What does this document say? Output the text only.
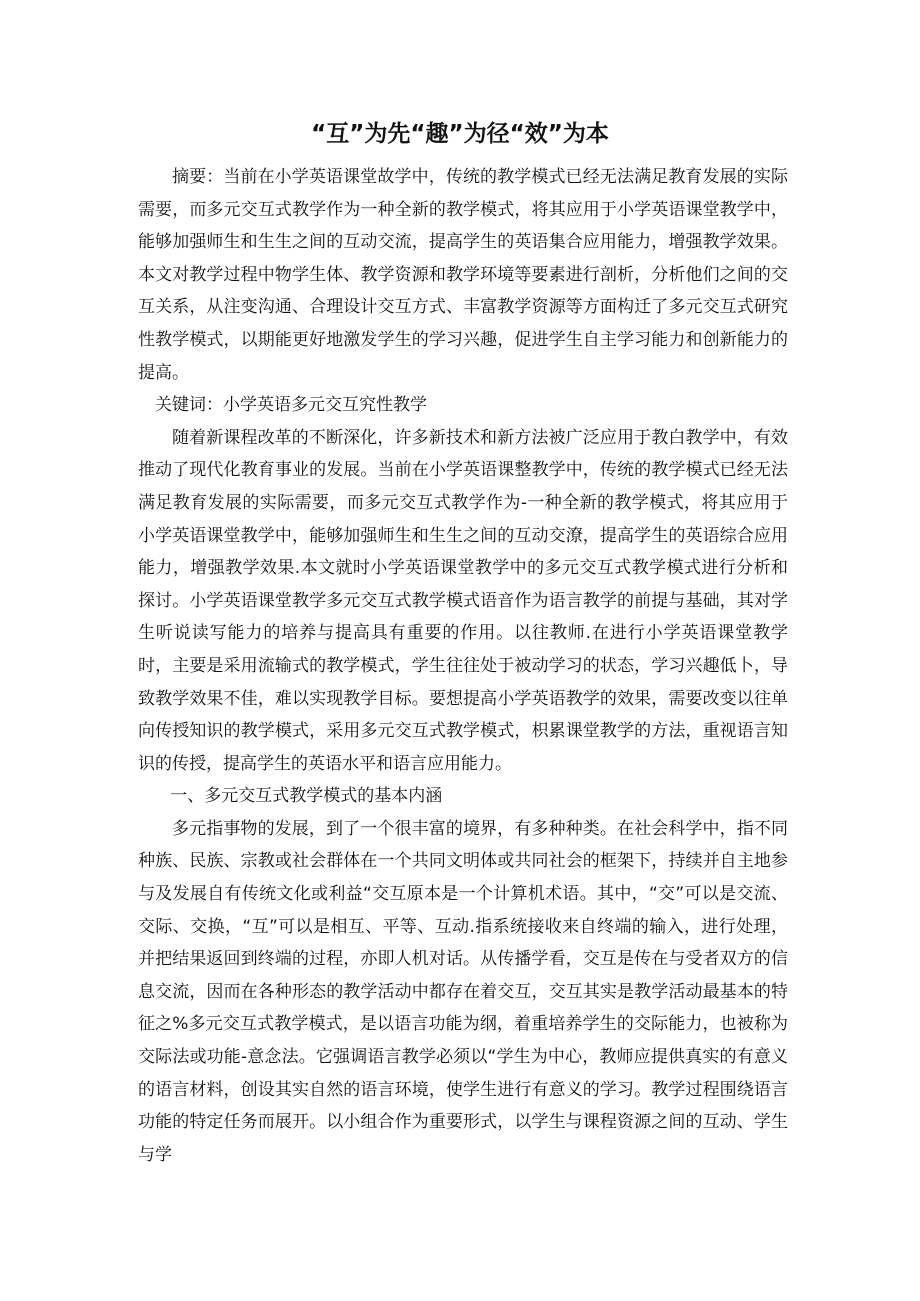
“互”为先“趣”为径“效”为本

摘要：当前在小学英语课堂故学中，传统的教学模式已经无法满足教育发展的实际需要，而多元交互式教学作为一种全新的教学模式，将其应用于小学英语课堂教学中，能够加强师生和生生之间的互动交流，提高学生的英语集合应用能力，增强教学效果。本文对教学过程中物学生体、教学资源和教学环境等要素进行剖析，分析他们之间的交互关系，从注变沟通、合理设计交互方式、丰富教学资源等方面构迁了多元交互式研究性教学模式，以期能更好地激发学生的学习兴趣，促进学生自主学习能力和创新能力的提高。

关键词：小学英语多元交互究性教学

随着新课程改革的不断深化，许多新技术和新方法被广泛应用于教白教学中，有效推动了现代化教育事业的发展。当前在小学英语课整教学中，传统的教学模式已经无法满足教育发展的实际需要，而多元交互式教学作为-一种全新的教学模式，将其应用于小学英语课堂教学中，能够加强师生和生生之间的互动交潦，提高学生的英语综合应用能力，增强教学效果.本文就时小学英语课堂教学中的多元交互式教学模式进行分析和探讨。小学英语课堂教学多元交互式教学模式语音作为语言教学的前提与基础，其对学生听说读写能力的培养与提高具有重要的作用。以往教师.在进行小学英语课堂教学时，主要是采用流输式的教学模式，学生往往处于被动学习的状态，学习兴趣低卜，导致教学效果不佳，难以实现教学目标。要想提高小学英语教学的效果，需要改变以往单向传授知识的教学模式，采用多元交互式教学模式，枳累课堂教学的方法，重视语言知识的传授，提高学生的英语水平和语言应用能力。

一、多元交互式教学模式的基本内涵

多元指事物的发展，到了一个很丰富的境界，有多种种类。在社会科学中，指不同种族、民族、宗教或社会群体在一个共同文明体或共同社会的框架下，持续并自主地参与及发展自有传统文化或利益“交互原本是一个计算机术语。其中，“交”可以是交流、交际、交换，“互”可以是相互、平等、互动.指系统接收来自终端的输入，进行处理，并把结果返回到终端的过程，亦即人机对话。从传播学看，交互是传在与受者双方的信息交流，因而在各种形态的教学活动中都存在着交互，交互其实是教学活动最基本的特征之%多元交互式教学模式，是以语言功能为纲，着重培养学生的交际能力，也被称为交际法或功能-意念法。它强调语言教学必须以“学生为中心，教师应提供真实的有意义的语言材料，创设其实自然的语言环境，使学生进行有意义的学习。教学过程围绕语言功能的特定任务而展开。以小组合作为重要形式，以学生与课程资源之间的互动、学生与学
